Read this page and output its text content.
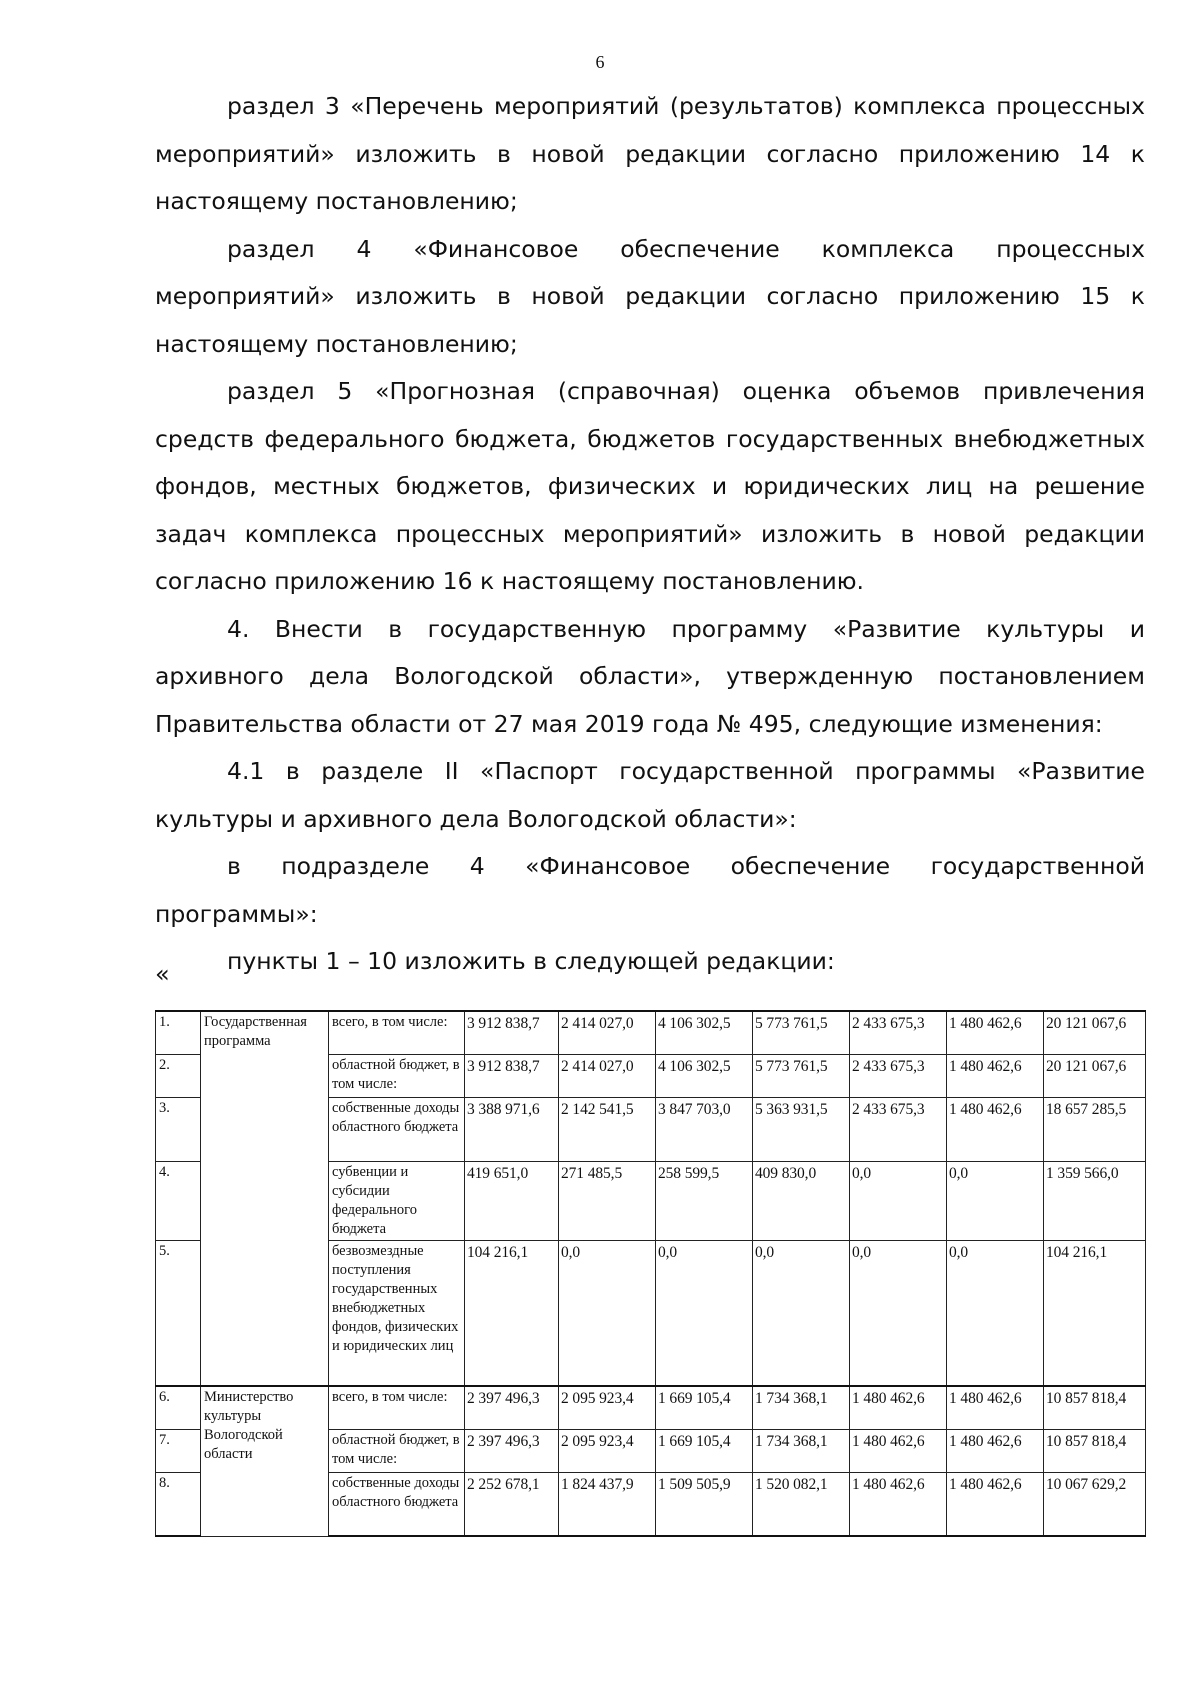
6

раздел 3 «Перечень мероприятий (результатов) комплекса процессных мероприятий» изложить в новой редакции согласно приложению 14 к настоящему постановлению;

раздел 4 «Финансовое обеспечение комплекса процессных мероприятий» изложить в новой редакции согласно приложению 15 к настоящему постановлению;

раздел 5 «Прогнозная (справочная) оценка объемов привлечения средств федерального бюджета, бюджетов государственных внебюджетных фондов, местных бюджетов, физических и юридических лиц на решение задач комплекса процессных мероприятий» изложить в новой редакции согласно приложению 16 к настоящему постановлению.

4. Внести в государственную программу «Развитие культуры и архивного дела Вологодской области», утвержденную постановлением Правительства области от 27 мая 2019 года № 495, следующие изменения:

4.1 в разделе II «Паспорт государственной программы «Развитие культуры и архивного дела Вологодской области»:

в подразделе 4 «Финансовое обеспечение государственной программы»:

пункты 1 – 10 изложить в следующей редакции:

«
1.	Государственная программа	всего, в том числе:	3 912 838,7	2 414 027,0	4 106 302,5	5 773 761,5	2 433 675,3	1 480 462,6	20 121 067,6
2.		областной бюджет, в том числе:	3 912 838,7	2 414 027,0	4 106 302,5	5 773 761,5	2 433 675,3	1 480 462,6	20 121 067,6
3.		собственные доходы областного бюджета	3 388 971,6	2 142 541,5	3 847 703,0	5 363 931,5	2 433 675,3	1 480 462,6	18 657 285,5
4.		субвенции и субсидии федерального бюджета	419 651,0	271 485,5	258 599,5	409 830,0	0,0	0,0	1 359 566,0
5.		безвозмездные поступления государственных внебюджетных фондов, физических и юридических лиц	104 216,1	0,0	0,0	0,0	0,0	0,0	104 216,1
6.	Министерство культуры Вологодской области	всего, в том числе:	2 397 496,3	2 095 923,4	1 669 105,4	1 734 368,1	1 480 462,6	1 480 462,6	10 857 818,4
7.		областной бюджет, в том числе:	2 397 496,3	2 095 923,4	1 669 105,4	1 734 368,1	1 480 462,6	1 480 462,6	10 857 818,4
8.		собственные доходы областного бюджета	2 252 678,1	1 824 437,9	1 509 505,9	1 520 082,1	1 480 462,6	1 480 462,6	10 067 629,2
